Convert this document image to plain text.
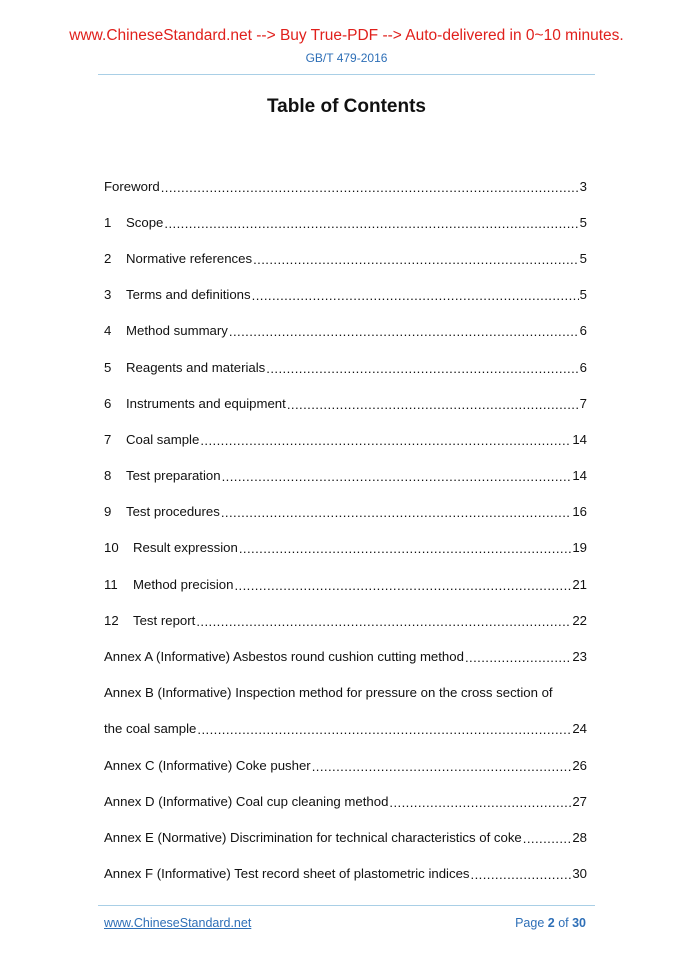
www.ChineseStandard.net --> Buy True-PDF --> Auto-delivered in 0~10 minutes.
GB/T 479-2016
Table of Contents
Foreword .....	3
1	Scope .....	5
2	Normative references .....	5
3	Terms and definitions .....	5
4	Method summary .....	6
5	Reagents and materials .....	6
6	Instruments and equipment .....	7
7	Coal sample .....	14
8	Test preparation .....	14
9	Test procedures .....	16
10	Result expression .....	19
11	Method precision .....	21
12	Test report .....	22
Annex A (Informative) Asbestos round cushion cutting method .....	23
Annex B (Informative) Inspection method for pressure on the cross section of
the coal sample .....	24
Annex C (Informative) Coke pusher .....	26
Annex D (Informative) Coal cup cleaning method .....	27
Annex E (Normative) Discrimination for technical characteristics of coke .....	28
Annex F (Informative) Test record sheet of plastometric indices .....	30
www.ChineseStandard.net	Page 2 of 30
